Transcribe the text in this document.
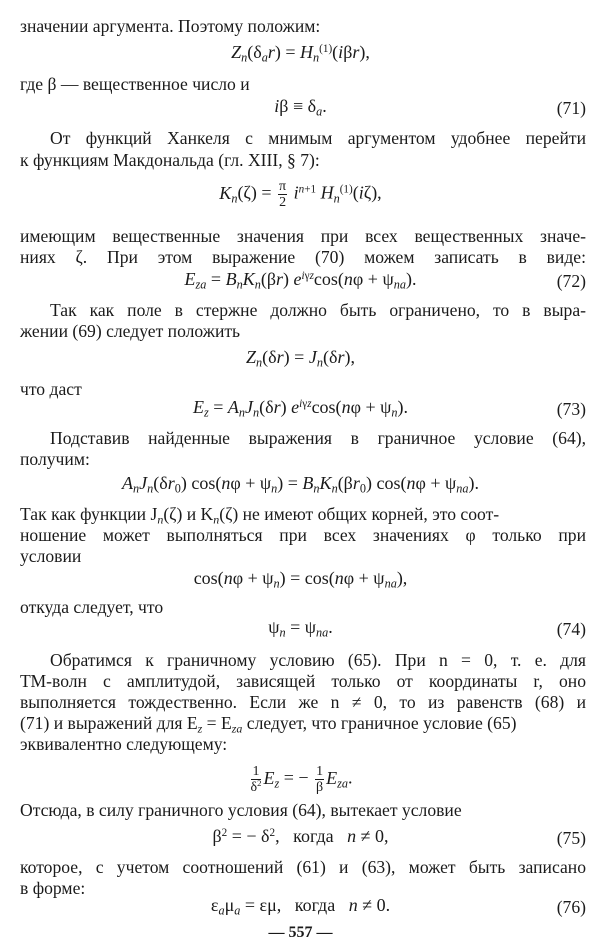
значении аргумента. Поэтому положим:
$Z_n(\delta_ar) = H_n^{(1)}(i\beta r)$,
где β — вещественное число и
$i\beta \equiv \delta_a$.	(71)
От функций Ханкеля с мнимым аргументом удобнее перейти
к функциям Макдональда (гл. XIII, § 7):
$K_n(\zeta) = \frac{\pi}{2} i^{n+1}$ $H_n^{(1)}(i\zeta)$,
имеющим вещественные значения при всех вещественных значе-
ниях ζ. При этом выражение (70) можем записать в виде:
$E_{za} = B_nK_n(\beta r) e^{i\gamma z}\cos(n\varphi + \psi_{na})$.	(72)
Так как поле в стержне должно быть ограничено, то в выра-
жении (69) следует положить
$Z_n(\delta r) = J_n(\delta r)$,
что даст
$E_z = A_nJ_n(\delta r) e^{i\gamma z}\cos(n\varphi + \psi_n)$.	(73)
Подставив найденные выражения в граничное условие (64),
получим:
$A_nJ_n(\delta r_0) \cos(n\varphi + \psi_n) = B_nK_n(\beta r_0) \cos(n\varphi + \psi_{na})$.
Так как функции $J_n(\zeta)$ и $K_n(\zeta)$ не имеют общих корней, это соот-
ношение может выполняться при всех значениях φ только при
условии
$\cos(n\varphi + \psi_n) = \cos(n\varphi + \psi_{na})$,
откуда следует, что
$\psi_n = \psi_{na}$.	(74)
Обратимся к граничному условию (65). При n = 0, т. е. для
ТМ-волн с амплитудой, зависящей только от координаты r, оно
выполняется тождественно. Если же n ≠ 0, то из равенств (68) и
(71) и выражений для $E_z = E_{za}$ следует, что граничное условие (65)
эквивалентно следующему:
$\frac{1}{\delta^2} E_z$ = − $\frac{1}{\beta} E_{za}$.
Отсюда, в силу граничного условия (64), вытекает условие
$\beta^2$ = − $\delta^2$,   когда n ≠ 0,	(75)
которое, с учетом соотношений (61) и (63), может быть записано
в форме:
$\varepsilon_a\mu_a = \varepsilon\mu$,   когда n ≠ 0.	(76)
— 557 —
